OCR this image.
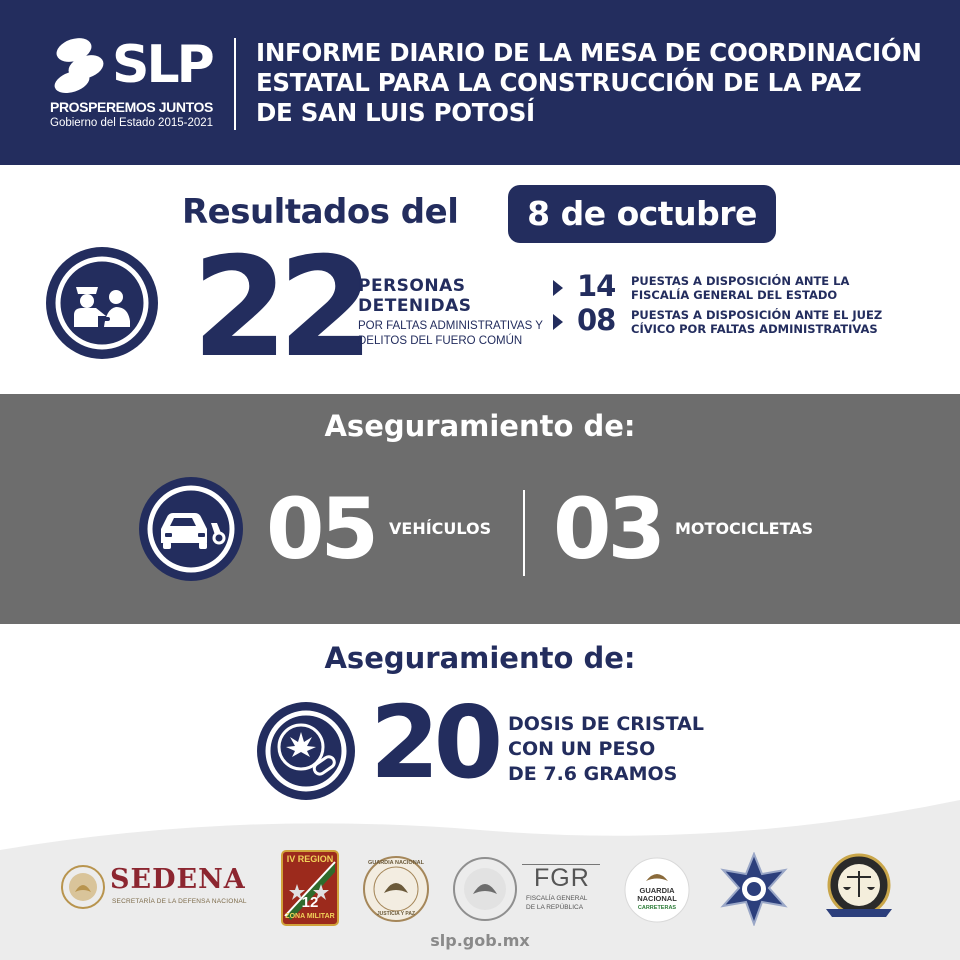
SLP
PROSPEREMOS JUNTOS
Gobierno del Estado 2015-2021
INFORME DIARIO DE LA MESA DE COORDINACIÓN
ESTATAL PARA LA CONSTRUCCIÓN DE LA PAZ
DE SAN LUIS POTOSÍ
Resultados del	8 de octubre
22
PERSONAS
DETENIDAS
POR FALTAS ADMINISTRATIVAS Y
DELITOS DEL FUERO COMÚN
14 PUESTAS A DISPOSICIÓN ANTE LA
FISCALÍA GENERAL DEL ESTADO
08 PUESTAS A DISPOSICIÓN ANTE EL JUEZ
CÍVICO POR FALTAS ADMINISTRATIVAS
Aseguramiento de:
05 VEHÍCULOS 03 MOTOCICLETAS
Aseguramiento de:
20 DOSIS DE CRISTAL
CON UN PESO
DE 7.6 GRAMOS
SEDENA
SECRETARÍA DE LA DEFENSA NACIONAL
IV REGION
12
ZONA MILITAR
GUARDIA NACIONAL
JUSTICIA Y PAZ
FGR
FISCALÍA GENERAL
DE LA REPÚBLICA
GUARDIA
NACIONAL
CARRETERAS
slp.gob.mx
